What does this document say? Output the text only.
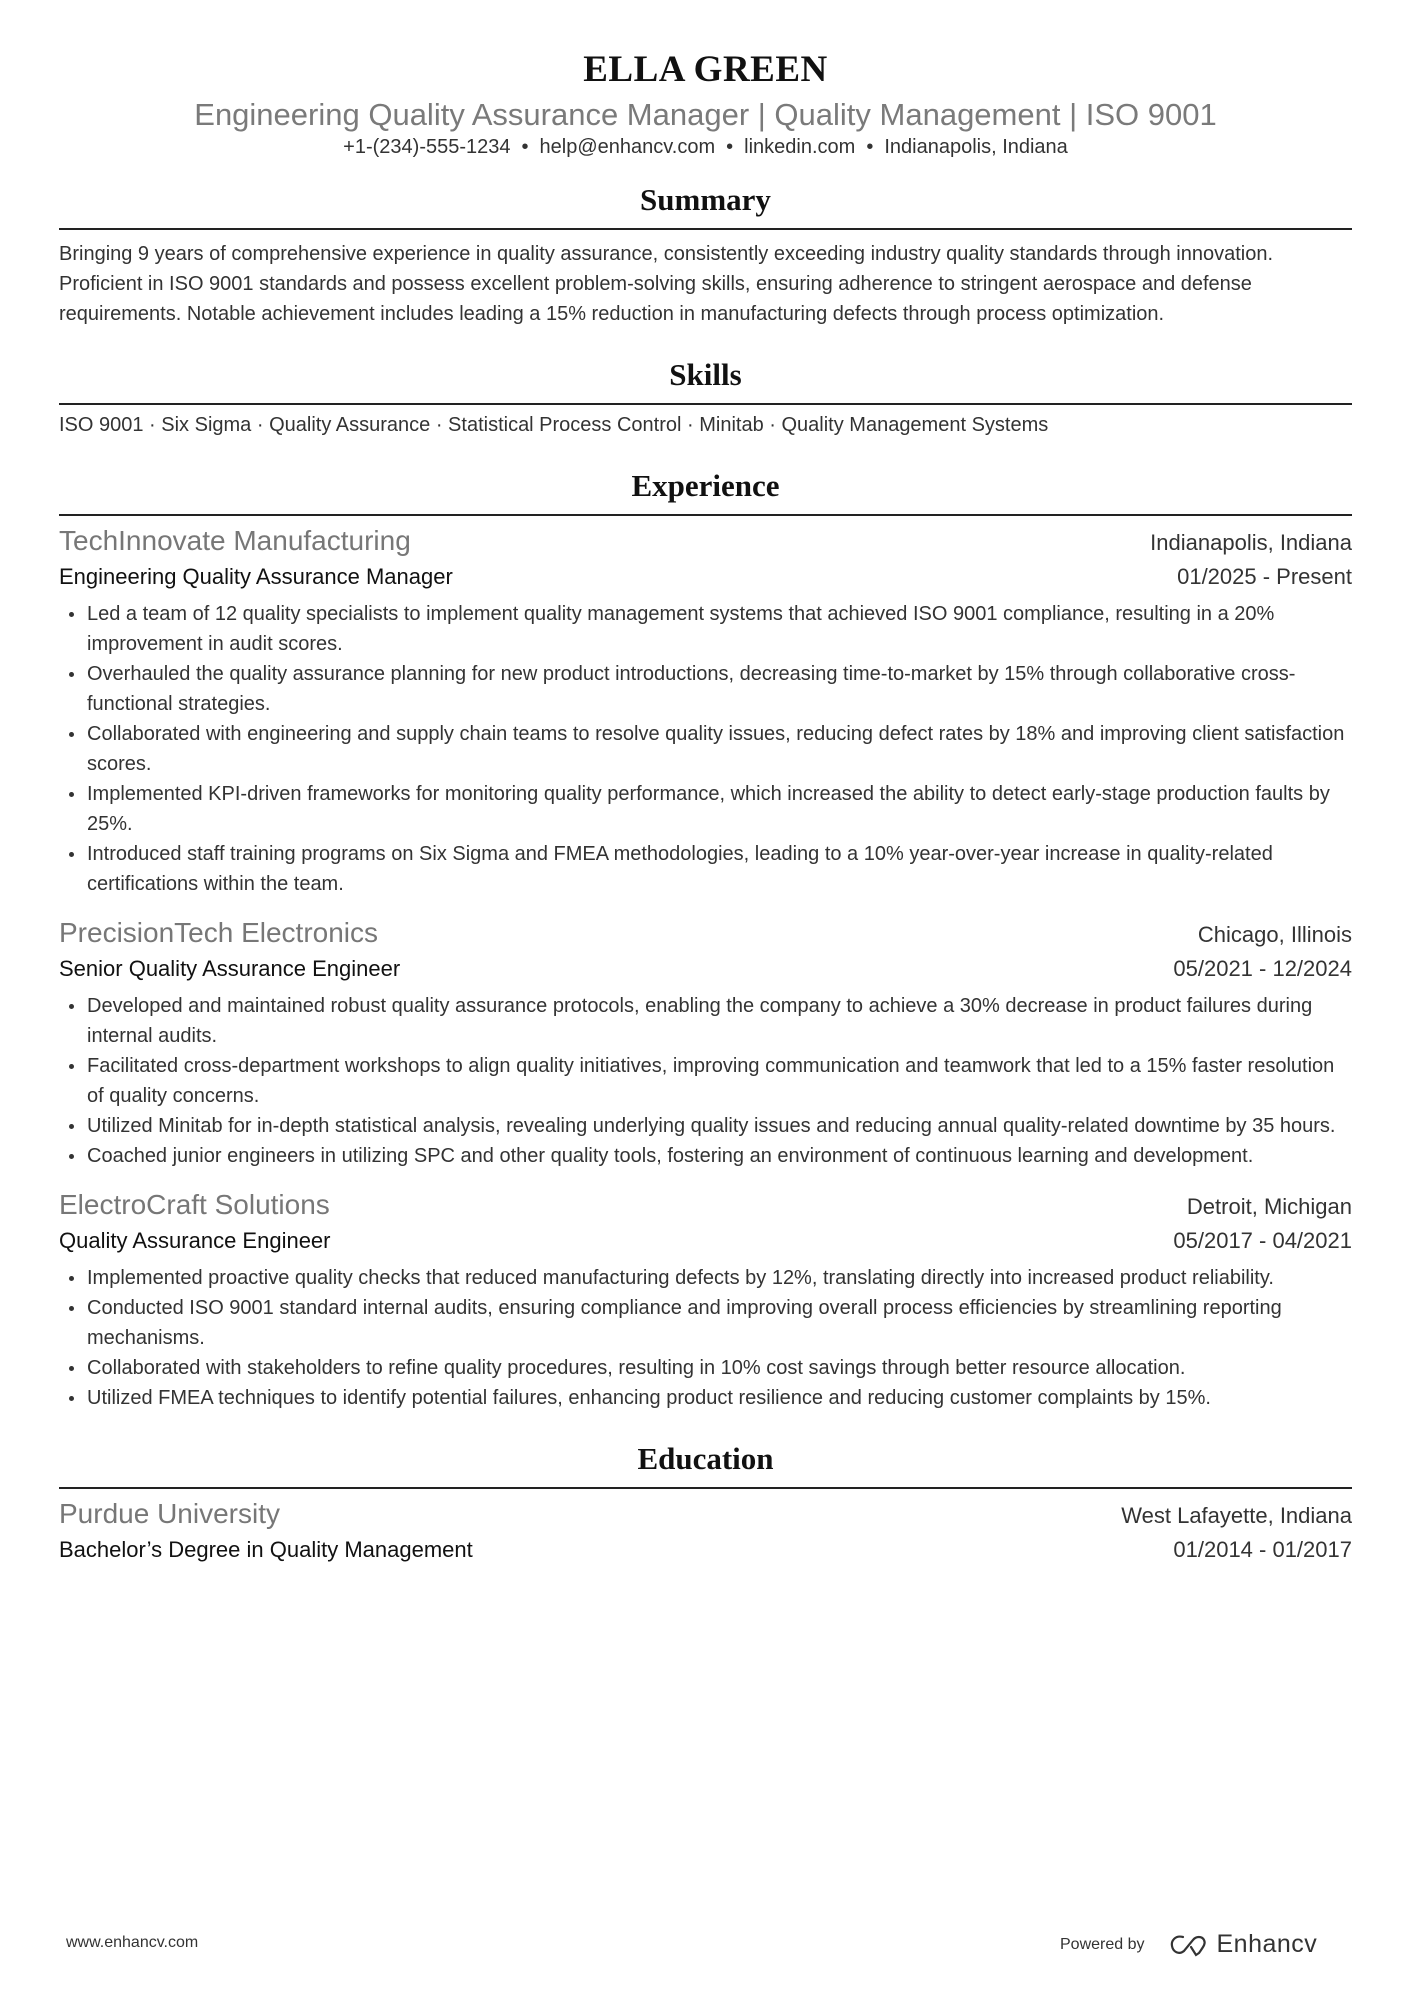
ELLA GREEN
Engineering Quality Assurance Manager | Quality Management | ISO 9001
+1-(234)-555-1234 • help@enhancv.com • linkedin.com • Indianapolis, Indiana
Summary
Bringing 9 years of comprehensive experience in quality assurance, consistently exceeding industry quality standards through innovation. Proficient in ISO 9001 standards and possess excellent problem-solving skills, ensuring adherence to stringent aerospace and defense requirements. Notable achievement includes leading a 15% reduction in manufacturing defects through process optimization.
Skills
ISO 9001 · Six Sigma · Quality Assurance · Statistical Process Control · Minitab · Quality Management Systems
Experience
TechInnovate Manufacturing	Indianapolis, Indiana
Engineering Quality Assurance Manager	01/2025 - Present
Led a team of 12 quality specialists to implement quality management systems that achieved ISO 9001 compliance, resulting in a 20% improvement in audit scores.
Overhauled the quality assurance planning for new product introductions, decreasing time-to-market by 15% through collaborative cross-functional strategies.
Collaborated with engineering and supply chain teams to resolve quality issues, reducing defect rates by 18% and improving client satisfaction scores.
Implemented KPI-driven frameworks for monitoring quality performance, which increased the ability to detect early-stage production faults by 25%.
Introduced staff training programs on Six Sigma and FMEA methodologies, leading to a 10% year-over-year increase in quality-related certifications within the team.
PrecisionTech Electronics	Chicago, Illinois
Senior Quality Assurance Engineer	05/2021 - 12/2024
Developed and maintained robust quality assurance protocols, enabling the company to achieve a 30% decrease in product failures during internal audits.
Facilitated cross-department workshops to align quality initiatives, improving communication and teamwork that led to a 15% faster resolution of quality concerns.
Utilized Minitab for in-depth statistical analysis, revealing underlying quality issues and reducing annual quality-related downtime by 35 hours.
Coached junior engineers in utilizing SPC and other quality tools, fostering an environment of continuous learning and development.
ElectroCraft Solutions	Detroit, Michigan
Quality Assurance Engineer	05/2017 - 04/2021
Implemented proactive quality checks that reduced manufacturing defects by 12%, translating directly into increased product reliability.
Conducted ISO 9001 standard internal audits, ensuring compliance and improving overall process efficiencies by streamlining reporting mechanisms.
Collaborated with stakeholders to refine quality procedures, resulting in 10% cost savings through better resource allocation.
Utilized FMEA techniques to identify potential failures, enhancing product resilience and reducing customer complaints by 15%.
Education
Purdue University	West Lafayette, Indiana
Bachelor’s Degree in Quality Management	01/2014 - 01/2017
www.enhancv.com	Powered by	Enhancv
